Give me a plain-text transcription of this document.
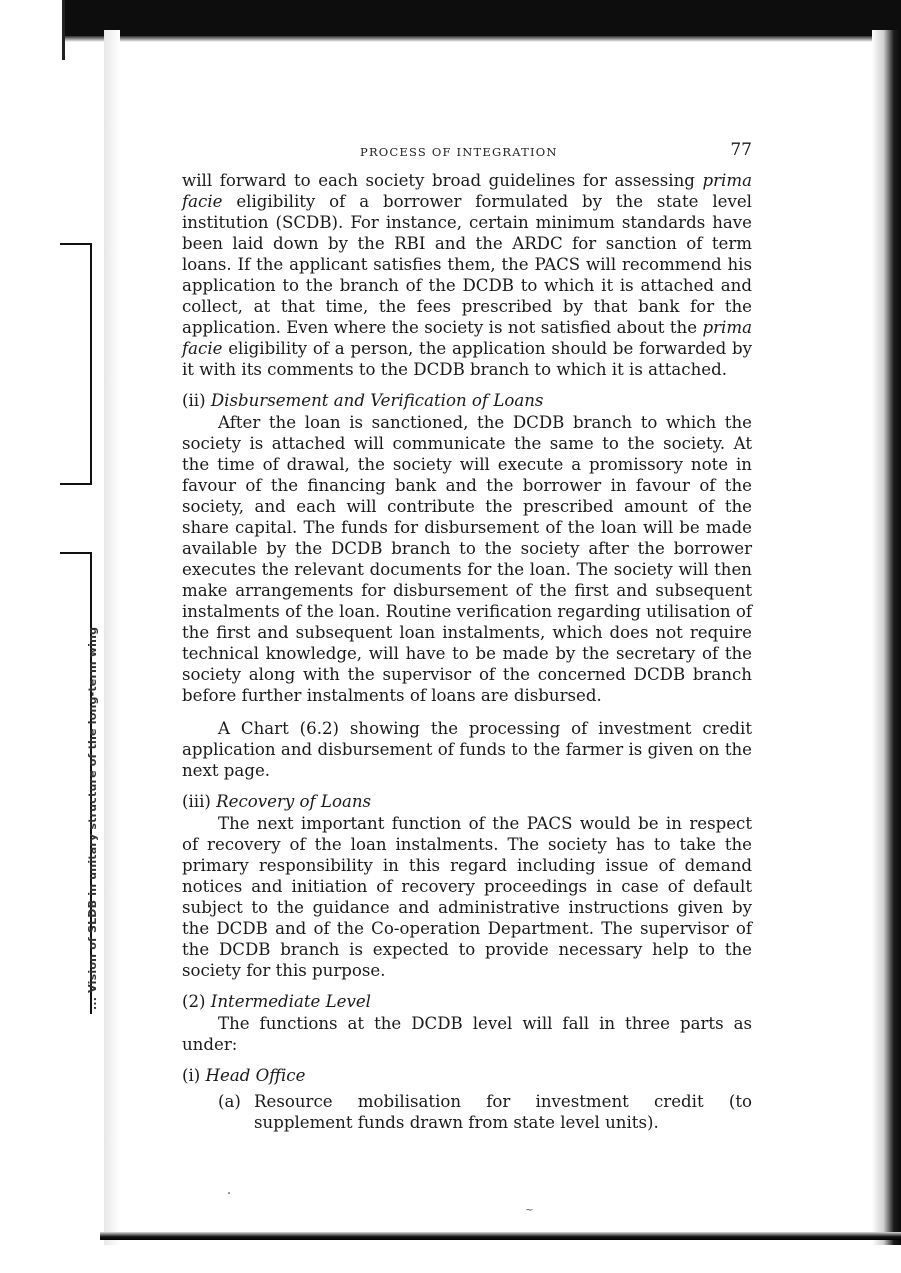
... Vision of SLDB in unitary structure of the long-term wing
~
PROCESS OF INTEGRATION	77

will forward to each society broad guidelines for assessing prima facie eligibility of a borrower formulated by the state level institution (SCDB). For instance, certain minimum standards have been laid down by the RBI and the ARDC for sanction of term loans. If the applicant satisfies them, the PACS will recommend his application to the branch of the DCDB to which it is attached and collect, at that time, the fees prescribed by that bank for the application. Even where the society is not satisfied about the prima facie eligibility of a person, the application should be forwarded by it with its comments to the DCDB branch to which it is attached.

(ii) Disbursement and Verification of Loans

After the loan is sanctioned, the DCDB branch to which the society is attached will communicate the same to the society. At the time of drawal, the society will execute a promissory note in favour of the financing bank and the borrower in favour of the society, and each will contribute the prescribed amount of the share capital. The funds for disbursement of the loan will be made available by the DCDB branch to the society after the borrower executes the relevant documents for the loan. The society will then make arrangements for disbursement of the first and subsequent instalments of the loan. Routine verification regarding utilisation of the first and subsequent loan instalments, which does not require technical knowledge, will have to be made by the secretary of the society along with the supervisor of the concerned DCDB branch before further instalments of loans are disbursed.

A Chart (6.2) showing the processing of investment credit application and disbursement of funds to the farmer is given on the next page.

(iii) Recovery of Loans

The next important function of the PACS would be in respect of recovery of the loan instalments. The society has to take the primary responsibility in this regard including issue of demand notices and initiation of recovery proceedings in case of default subject to the guidance and administrative instructions given by the DCDB and of the Co-operation Department. The supervisor of the DCDB branch is expected to provide necessary help to the society for this purpose.

(2) Intermediate Level

The functions at the DCDB level will fall in three parts as under:

(i) Head Office
(a) Resource mobilisation for investment credit (to supplement funds drawn from state level units).
